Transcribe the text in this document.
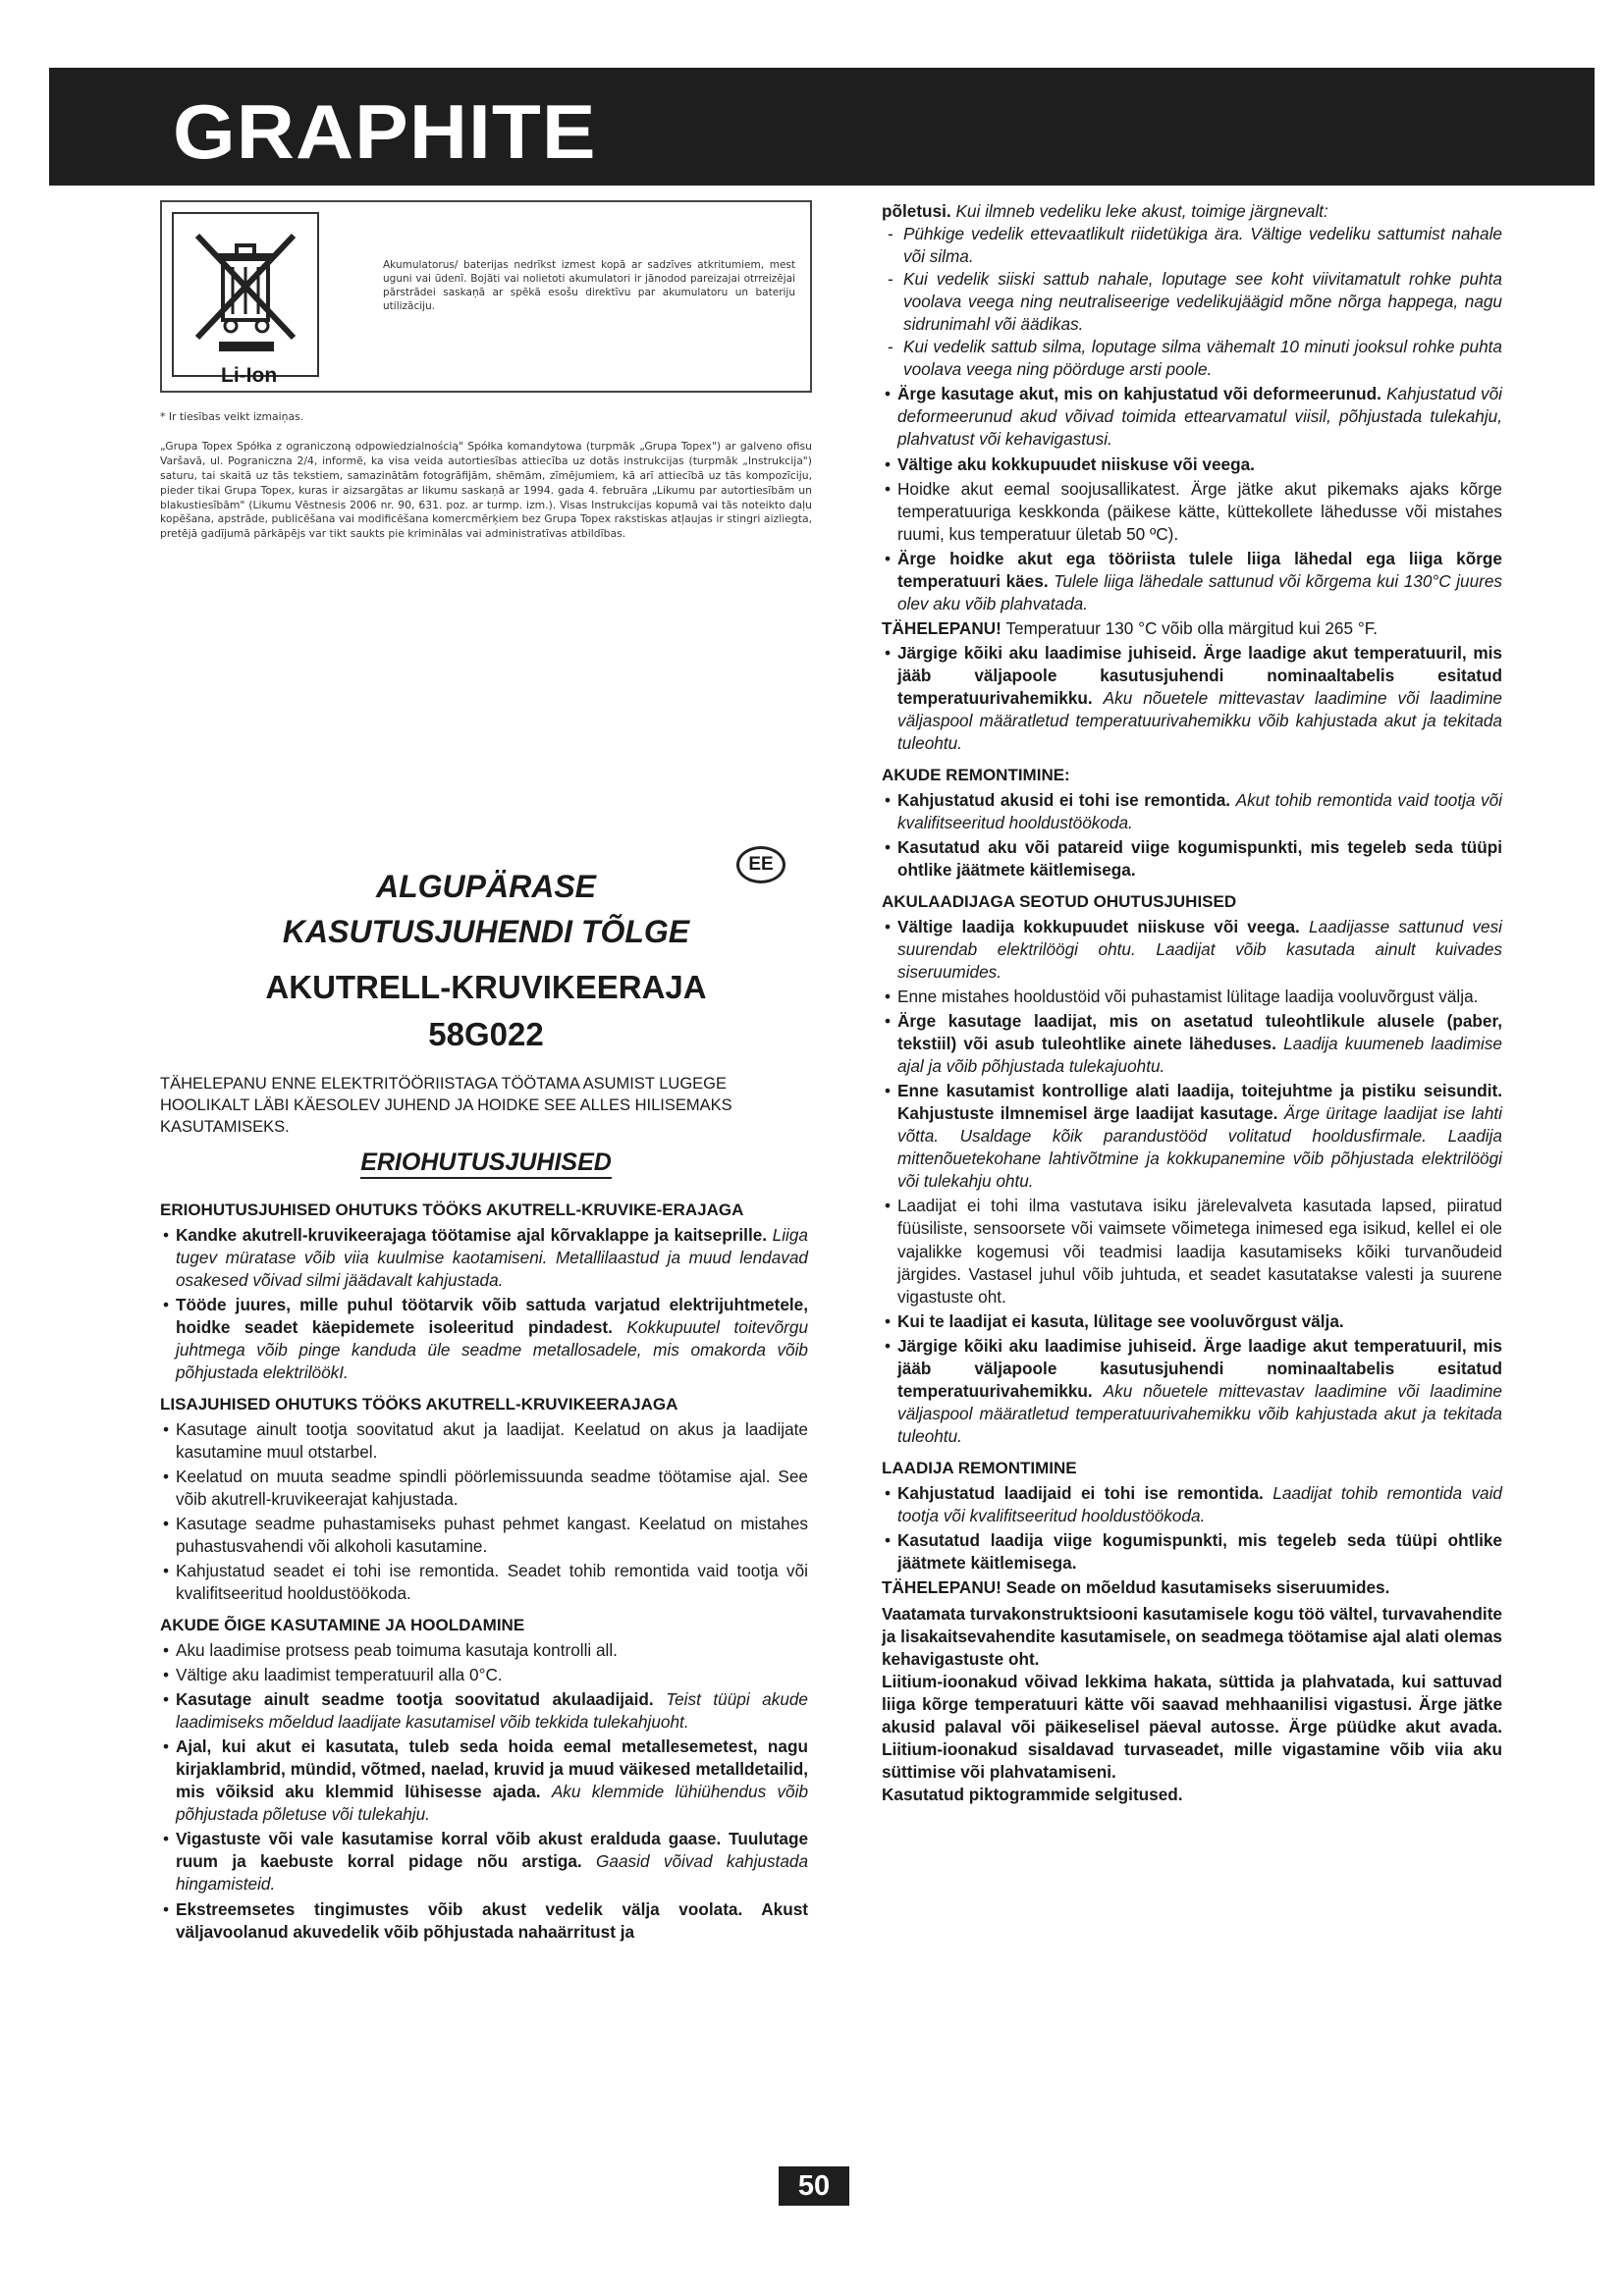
GRAPHITE
Li-Ion
Akumulatorus/ baterijas nedrīkst izmest kopā ar sadzīves atkritumiem, mest uguni vai ūdenī. Bojāti vai nolietoti akumulatori ir jānodod pareizajai otrreizējai pārstrādei saskaņā ar spēkā esošu direktīvu par akumulatoru un bateriju utilizāciju.
* Ir tiesības veikt izmaiņas.
„Grupa Topex Spółka z ograniczoną odpowiedzialnością" Spółka komandytowa (turpmāk „Grupa Topex") ar galveno ofisu Varšavā, ul. Pograniczna 2/4, informē, ka visa veida autortiesības attiecība uz dotās instrukcijas (turpmāk „Instrukcija") saturu, tai skaitā uz tās tekstiem, samazinātām fotogrāfijām, shēmām, zīmējumiem, kā arī attiecībā uz tās kompozīciju, pieder tikai Grupa Topex, kuras ir aizsargātas ar likumu saskaņā ar 1994. gada 4. februāra „Likumu par autortiesībām un blakustiesībām" (Likumu Vēstnesis 2006 nr. 90, 631. poz. ar turmp. izm.). Visas Instrukcijas kopumā vai tās noteikto daļu kopēšana, apstrāde, publicēšana vai modificēšana komercmērķiem bez Grupa Topex rakstiskas atļaujas ir stingri aizliegta, pretējā gadījumā pārkāpējs var tikt saukts pie kriminālas vai administratīvas atbildības.
EE
ALGUPÄRASE
KASUTUSJUHENDI TÕLGE
AKUTRELL-KRUVIKEERAJA
58G022
TÄHELEPANU ENNE ELEKTRITÖÖRIISTAGA TÖÖTAMA ASUMIST LUGEGE HOOLIKALT LÄBI KÄESOLEV JUHEND JA HOIDKE SEE ALLES HILISEMAKS KASUTAMISEKS.
ERIOHUTUSJUHISED

ERIOHUTUSJUHISED OHUTUKS TÖÖKS AKUTRELL-KRUVIKE-ERAJAGA

• Kandke akutrell-kruvikeerajaga töötamise ajal kõrvaklappe ja kaitseprille. Liiga tugev müratase võib viia kuulmise kaotamiseni. Metallilaastud ja muud lendavad osakesed võivad silmi jäädavalt kahjustada.
• Tööde juures, mille puhul töötarvik võib sattuda varjatud elektrijuhtmetele, hoidke seadet käepidemete isoleeritud pindadest. Kokkupuutel toitevõrgu juhtmega võib pinge kanduda üle seadme metallosadele, mis omakorda võib põhjustada elektrilöökI.

LISAJUHISED OHUTUKS TÖÖKS AKUTRELL-KRUVIKEERAJAGA

• Kasutage ainult tootja soovitatud akut ja laadijat. Keelatud on akus ja laadijate kasutamine muul otstarbel.
• Keelatud on muuta seadme spindli pöörlemissuunda seadme töötamise ajal. See võib akutrell-kruvikeerajat kahjustada.
• Kasutage seadme puhastamiseks puhast pehmet kangast. Keelatud on mistahes puhastusvahendi või alkoholi kasutamine.
• Kahjustatud seadet ei tohi ise remontida. Seadet tohib remontida vaid tootja või kvalifitseeritud hooldustöökoda.

AKUDE ÕIGE KASUTAMINE JA HOOLDAMINE

• Aku laadimise protsess peab toimuma kasutaja kontrolli all.
• Vältige aku laadimist temperatuuril alla 0°C.
• Kasutage ainult seadme tootja soovitatud akulaadijaid. Teist tüüpi akude laadimiseks mõeldud laadijate kasutamisel võib tekkida tulekahjuoht.
• Ajal, kui akut ei kasutata, tuleb seda hoida eemal metallesemetest, nagu kirjaklambrid, mündid, võtmed, naelad, kruvid ja muud väikesed metalldetailid, mis võiksid aku klemmid lühisesse ajada. Aku klemmide lühiühendus võib põhjustada põletuse või tulekahju.
• Vigastuste või vale kasutamise korral võib akust eralduda gaase. Tuulutage ruum ja kaebuste korral pidage nõu arstiga. Gaasid võivad kahjustada hingamisteid.
• Ekstreemsetes tingimustes võib akust vedelik välja voolata. Akust väljavoolanud akuvedelik võib põhjustada nahaärritust ja

põletusi. Kui ilmneb vedeliku leke akust, toimige järgnevalt:

- Pühkige vedelik ettevaatlikult riidetükiga ära. Vältige vedeliku sattumist nahale või silma.
- Kui vedelik siiski sattub nahale, loputage see koht viivitamatult rohke puhta voolava veega ning neutraliseerige vedelikujäägid mõne nõrga happega, nagu sidrunimahl või äädikas.
- Kui vedelik sattub silma, loputage silma vähemalt 10 minuti jooksul rohke puhta voolava veega ning pöörduge arsti poole.
• Ärge kasutage akut, mis on kahjustatud või deformeerunud. Kahjustatud või deformeerunud akud võivad toimida ettearvamatul viisil, põhjustada tulekahju, plahvatust või kehavigastusi.
• Vältige aku kokkupuudet niiskuse või veega.
• Hoidke akut eemal soojusallikatest. Ärge jätke akut pikemaks ajaks kõrge temperatuuriga keskkonda (päikese kätte, küttekollete lähedusse või mistahes ruumi, kus temperatuur ületab 50 ºC).
• Ärge hoidke akut ega tööriista tulele liiga lähedal ega liiga kõrge temperatuuri käes. Tulele liiga lähedale sattunud või kõrgema kui 130°C juures olev aku võib plahvatada.

TÄHELEPANU! Temperatuur 130 °C võib olla märgitud kui 265 °F.

• Järgige kõiki aku laadimise juhiseid. Ärge laadige akut temperatuuril, mis jääb väljapoole kasutusjuhendi nominaaltabelis esitatud temperatuurivahemikku. Aku nõuetele mittevastav laadimine või laadimine väljaspool määratletud temperatuurivahemikku võib kahjustada akut ja tekitada tuleohtu.

AKUDE REMONTIMINE:

• Kahjustatud akusid ei tohi ise remontida. Akut tohib remontida vaid tootja või kvalifitseeritud hooldustöökoda.
• Kasutatud aku või patareid viige kogumispunkti, mis tegeleb seda tüüpi ohtlike jäätmete käitlemisega.

AKULAADIJAGA SEOTUD OHUTUSJUHISED

• Vältige laadija kokkupuudet niiskuse või veega. Laadijasse sattunud vesi suurendab elektrilöögi ohtu. Laadijat võib kasutada ainult kuivades siseruumides.
• Enne mistahes hooldustöid või puhastamist lülitage laadija vooluvõrgust välja.
• Ärge kasutage laadijat, mis on asetatud tuleohtlikule alusele (paber, tekstiil) või asub tuleohtlike ainete läheduses. Laadija kuumeneb laadimise ajal ja võib põhjustada tulekajuohtu.
• Enne kasutamist kontrollige alati laadija, toitejuhtme ja pistiku seisundit. Kahjustuste ilmnemisel ärge laadijat kasutage. Ärge üritage laadijat ise lahti võtta. Usaldage kõik parandustööd volitatud hooldusfirmale. Laadija mittenõuetekohane lahtivõtmine ja kokkupanemine võib põhjustada elektrilöögi või tulekahju ohtu.
• Laadijat ei tohi ilma vastutava isiku järelevalveta kasutada lapsed, piiratud füüsiliste, sensoorsete või vaimsete võimetega inimesed ega isikud, kellel ei ole vajalikke kogemusi või teadmisi laadija kasutamiseks kõiki turvanõudeid järgides. Vastasel juhul võib juhtuda, et seadet kasutatakse valesti ja suurene vigastuste oht.
• Kui te laadijat ei kasuta, lülitage see vooluvõrgust välja.
• Järgige kõiki aku laadimise juhiseid. Ärge laadige akut temperatuuril, mis jääb väljapoole kasutusjuhendi nominaaltabelis esitatud temperatuurivahemikku. Aku nõuetele mittevastav laadimine või laadimine väljaspool määratletud temperatuurivahemikku võib kahjustada akut ja tekitada tuleohtu.

LAADIJA REMONTIMINE

• Kahjustatud laadijaid ei tohi ise remontida. Laadijat tohib remontida vaid tootja või kvalifitseeritud hooldustöökoda.
• Kasutatud laadija viige kogumispunkti, mis tegeleb seda tüüpi ohtlike jäätmete käitlemisega.

TÄHELEPANU! Seade on mõeldud kasutamiseks siseruumides.

Vaatamata turvakonstruktsiooni kasutamisele kogu töö vältel, turvavahendite ja lisakaitsevahendite kasutamisele, on seadmega töötamise ajal alati olemas kehavigastuste oht.

Liitium-ioonakud võivad lekkima hakata, süttida ja plahvatada, kui sattuvad liiga kõrge temperatuuri kätte või saavad mehhaanilisi vigastusi. Ärge jätke akusid palaval või päikeselisel päeval autosse. Ärge püüdke akut avada. Liitium-ioonakud sisaldavad turvaseadet, mille vigastamine võib viia aku süttimise või plahvatamiseni.

Kasutatud piktogrammide selgitused.

50
